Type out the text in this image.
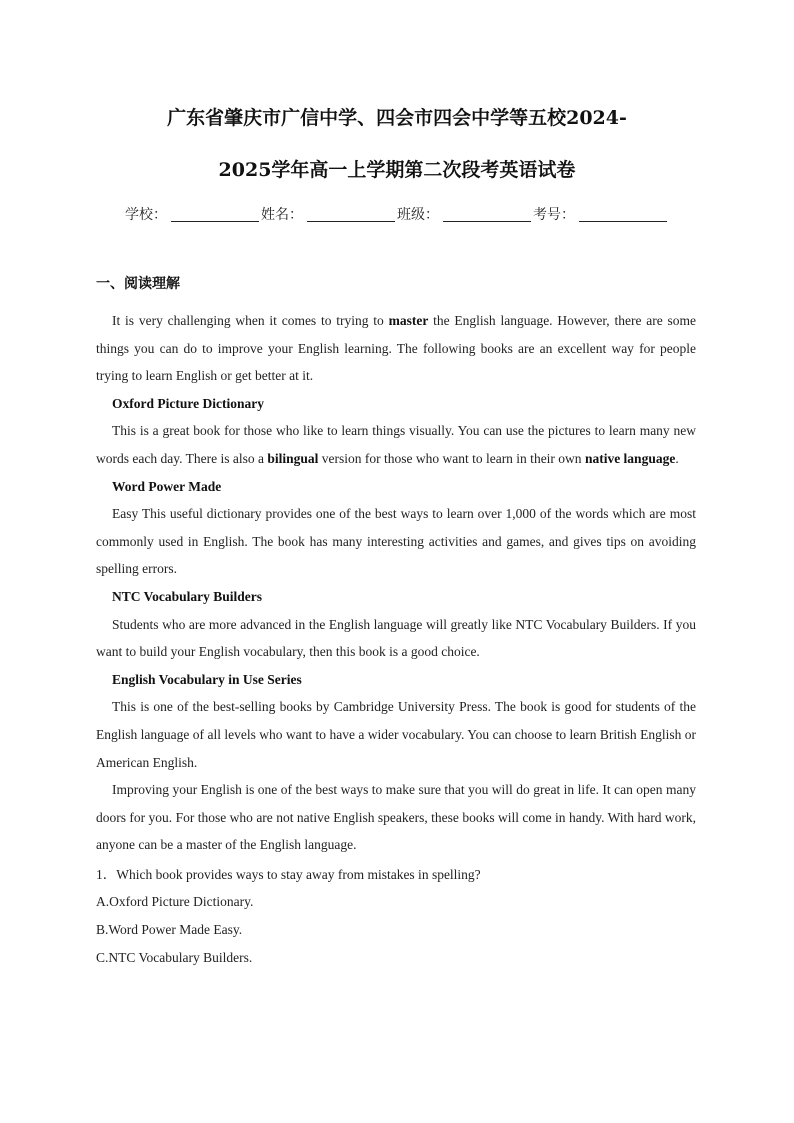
广东省肇庆市广信中学、四会市四会中学等五校2024-
2025学年高一上学期第二次段考英语试卷
学校：	姓名：	班级：	考号：
一、阅读理解

It is very challenging when it comes to trying to master the English language. However, there are some things you can do to improve your English learning. The following books are an excellent way for people trying to learn English or get better at it.

Oxford Picture Dictionary

This is a great book for those who like to learn things visually. You can use the pictures to learn many new words each day. There is also a bilingual version for those who want to learn in their own native language.

Word Power Made

Easy This useful dictionary provides one of the best ways to learn over 1,000 of the words which are most commonly used in English. The book has many interesting activities and games, and gives tips on avoiding spelling errors.

NTC Vocabulary Builders

Students who are more advanced in the English language will greatly like NTC Vocabulary Builders. If you want to build your English vocabulary, then this book is a good choice.

English Vocabulary in Use Series

This is one of the best-selling books by Cambridge University Press. The book is good for students of the English language of all levels who want to have a wider vocabulary. You can choose to learn British English or American English.

Improving your English is one of the best ways to make sure that you will do great in life. It can open many doors for you. For those who are not native English speakers, these books will come in handy. With hard work, anyone can be a master of the English language.

1．Which book provides ways to stay away from mistakes in spelling?

A.Oxford Picture Dictionary.

B.Word Power Made Easy.

C.NTC Vocabulary Builders.
